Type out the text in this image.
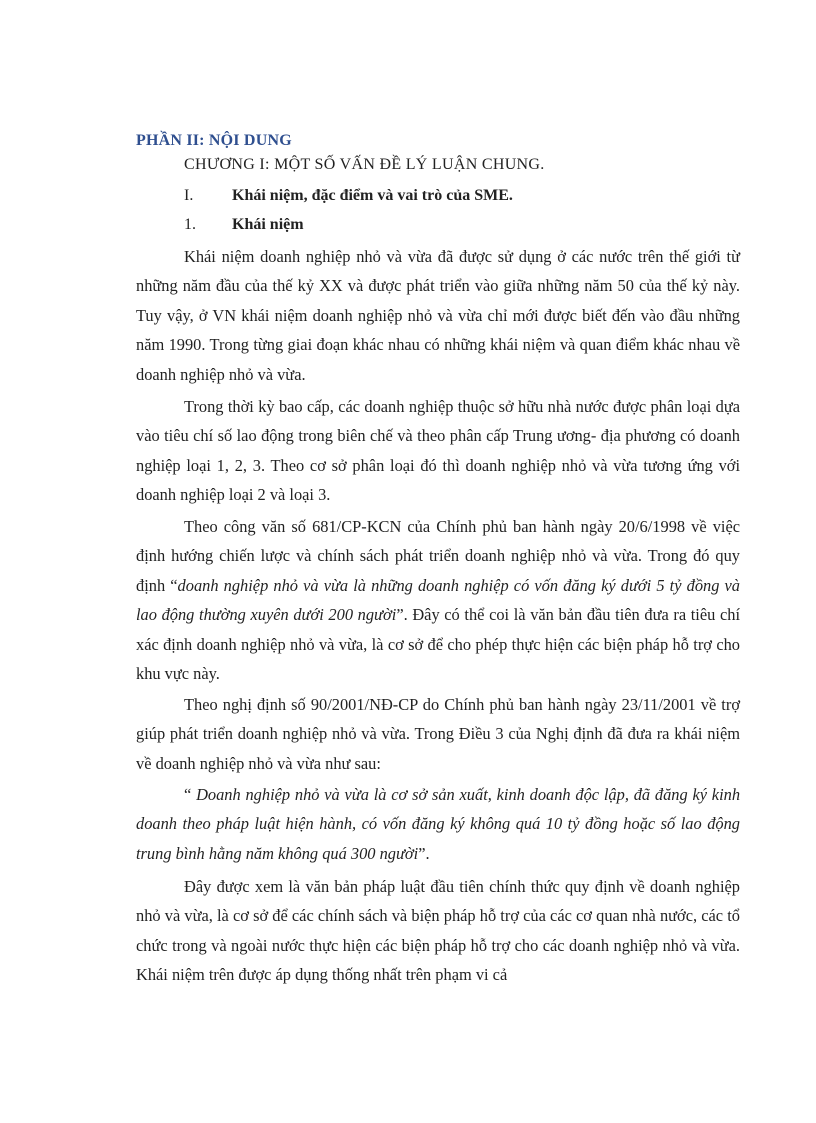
PHẦN II: NỘI DUNG
CHƯƠNG I: MỘT SỐ VẤN ĐỀ LÝ LUẬN CHUNG.
I. Khái niệm, đặc điểm và vai trò của SME.
1. Khái niệm

Khái niệm doanh nghiệp nhỏ và vừa đã được sử dụng ở các nước trên thế giới từ những năm đầu của thế kỷ XX và được phát triển vào giữa những năm 50 của thế kỷ này. Tuy vậy, ở VN khái niệm doanh nghiệp nhỏ và vừa chỉ mới được biết đến vào đầu những năm 1990. Trong từng giai đoạn khác nhau có những khái niệm và quan điểm khác nhau về doanh nghiệp nhỏ và vừa.

Trong thời kỳ bao cấp, các doanh nghiệp thuộc sở hữu nhà nước được phân loại dựa vào tiêu chí số lao động trong biên chế và theo phân cấp Trung ương- địa phương có doanh nghiệp loại 1, 2, 3. Theo cơ sở phân loại đó thì doanh nghiệp nhỏ và vừa tương ứng với doanh nghiệp loại 2 và loại 3.

Theo công văn số 681/CP-KCN của Chính phủ ban hành ngày 20/6/1998 về việc định hướng chiến lược và chính sách phát triển doanh nghiệp nhỏ và vừa. Trong đó quy định “doanh nghiệp nhỏ và vừa là những doanh nghiệp có vốn đăng ký dưới 5 tỷ đồng và lao động thường xuyên dưới 200 người”. Đây có thể coi là văn bản đầu tiên đưa ra tiêu chí xác định doanh nghiệp nhỏ và vừa, là cơ sở để cho phép thực hiện các biện pháp hỗ trợ cho khu vực này.

Theo nghị định số 90/2001/NĐ-CP do Chính phủ ban hành ngày 23/11/2001 về trợ giúp phát triển doanh nghiệp nhỏ và vừa. Trong Điều 3 của Nghị định đã đưa ra khái niệm về doanh nghiệp nhỏ và vừa như sau:

“ Doanh nghiệp nhỏ và vừa là cơ sở sản xuất, kinh doanh độc lập, đã đăng ký kinh doanh theo pháp luật hiện hành, có vốn đăng ký không quá 10 tỷ đồng hoặc số lao động trung bình hằng năm không quá 300 người”.

Đây được xem là văn bản pháp luật đầu tiên chính thức quy định về doanh nghiệp nhỏ và vừa, là cơ sở để các chính sách và biện pháp hỗ trợ của các cơ quan nhà nước, các tổ chức trong và ngoài nước thực hiện các biện pháp hỗ trợ cho các doanh nghiệp nhỏ và vừa. Khái niệm trên được áp dụng thống nhất trên phạm vi cả
